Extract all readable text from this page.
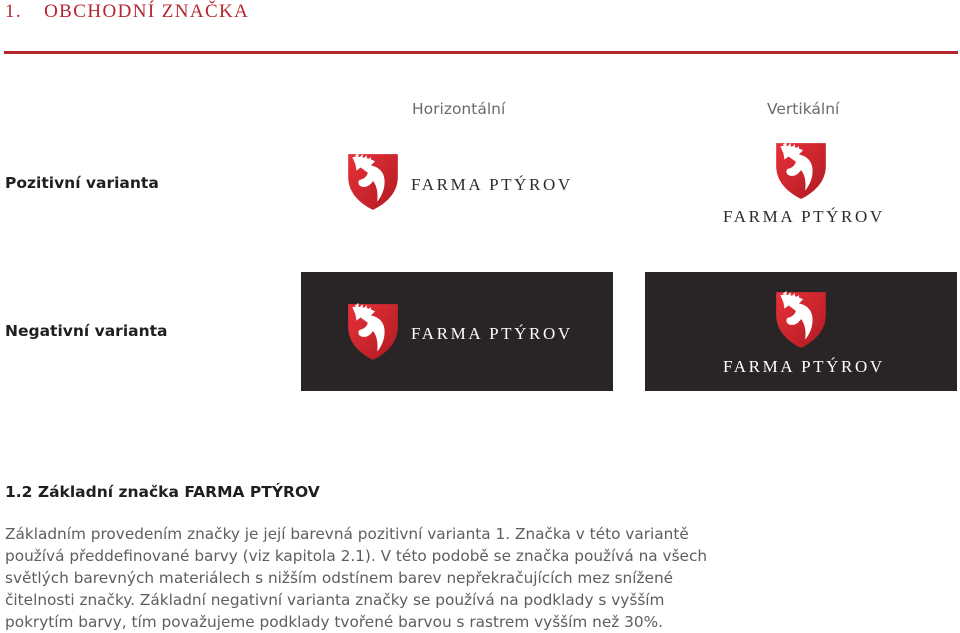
1. OBCHODNÍ ZNAČKA
Horizontální	Vertikální
Pozitivní varianta
Negativní varianta
FARMA PTÝROV
FARMA PTÝROV
FARMA PTÝROV
FARMA PTÝROV
1.2 Základní značka FARMA PTÝROV
Základním provedením značky je její barevná pozitivní varianta 1. Značka v této variantě
používá předdefinované barvy (viz kapitola 2.1). V této podobě se značka používá na všech
světlých barevných materiálech s nižším odstínem barev nepřekračujících mez snížené
čitelnosti značky. Základní negativní varianta značky se používá na podklady s vyšším
pokrytím barvy, tím považujeme podklady tvořené barvou s rastrem vyšším než 30%.
